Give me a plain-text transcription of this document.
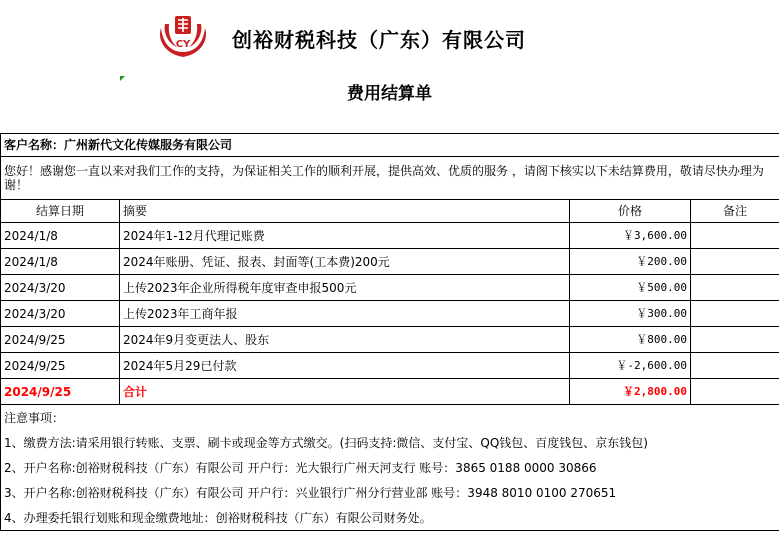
CY 创裕财税科技（广东）有限公司
费用结算单
客户名称：广州新代文化传媒服务有限公司			
您好！感谢您一直以来对我们工作的支持，为保证相关工作的顺利开展，提供高效、优质的服务 ，请阁下核实以下未结算费用，敬请尽快办理为谢！			
结算日期	摘要	价格	备注
2024/1/8	2024年1-12月代理记账费	￥3,600.00	
2024/1/8	2024年账册、凭证、报表、封面等(工本费)200元	￥200.00	
2024/3/20	上传2023年企业所得税年度审查申报500元	￥500.00	
2024/3/20	上传2023年工商年报	￥300.00	
2024/9/25	2024年9月变更法人、股东	￥800.00	
2024/9/25	2024年5月29已付款	￥-2,600.00	
2024/9/25	合计	￥2,800.00	
注意事项：			
1、缴费方法:请采用银行转账、支票、刷卡或现金等方式缴交。(扫码支持:微信、支付宝、QQ钱包、百度钱包、京东钱包)			
2、开户名称:创裕财税科技（广东）有限公司 开户行：光大银行广州天河支行 账号：3865 0188 0000 30866			
3、开户名称:创裕财税科技（广东）有限公司 开户行：兴业银行广州分行营业部 账号：3948 8010 0100 270651			
4、办理委托银行划账和现金缴费地址：创裕财税科技（广东）有限公司财务处。			
